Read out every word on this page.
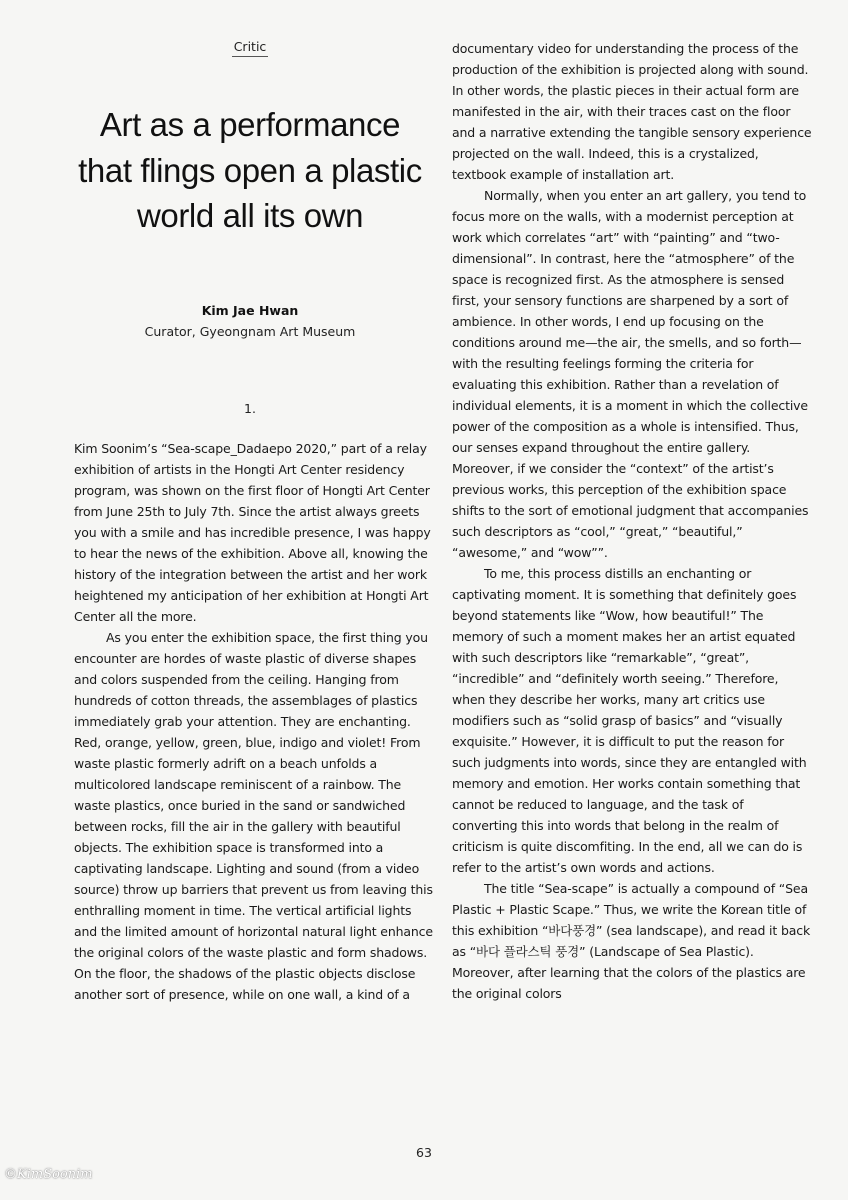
Critic
Art as a performance that flings open a plastic world all its own
Kim Jae Hwan
Curator, Gyeongnam Art Museum
1.

Kim Soonim’s “Sea-scape_Dadaepo 2020,” part of a relay exhibition of artists in the Hongti Art Center residency program, was shown on the first floor of Hongti Art Center from June 25th to July 7th. Since the artist always greets you with a smile and has incredible presence, I was happy to hear the news of the exhibition. Above all, knowing the history of the integration between the artist and her work heightened my anticipation of her exhibition at Hongti Art Center all the more.

As you enter the exhibition space, the first thing you encounter are hordes of waste plastic of diverse shapes and colors suspended from the ceiling. Hanging from hundreds of cotton threads, the assemblages of plastics immediately grab your attention. They are enchanting. Red, orange, yellow, green, blue, indigo and violet! From waste plastic formerly adrift on a beach unfolds a multicolored landscape reminiscent of a rainbow. The waste plastics, once buried in the sand or sandwiched between rocks, fill the air in the gallery with beautiful objects. The exhibition space is transformed into a captivating landscape. Lighting and sound (from a video source) throw up barriers that prevent us from leaving this enthralling moment in time. The vertical artificial lights and the limited amount of horizontal natural light enhance the original colors of the waste plastic and form shadows. On the floor, the shadows of the plastic objects disclose another sort of presence, while on one wall, a kind of a

documentary video for understanding the process of the production of the exhibition is projected along with sound. In other words, the plastic pieces in their actual form are manifested in the air, with their traces cast on the floor and a narrative extending the tangible sensory experience projected on the wall. Indeed, this is a crystalized, textbook example of installation art.

Normally, when you enter an art gallery, you tend to focus more on the walls, with a modernist perception at work which correlates “art” with “painting” and “two-dimensional”. In contrast, here the “atmosphere” of the space is recognized first. As the atmosphere is sensed first, your sensory functions are sharpened by a sort of ambience. In other words, I end up focusing on the conditions around me—the air, the smells, and so forth—with the resulting feelings forming the criteria for evaluating this exhibition. Rather than a revelation of individual elements, it is a moment in which the collective power of the composition as a whole is intensified. Thus, our senses expand throughout the entire gallery. Moreover, if we consider the “context” of the artist’s previous works, this perception of the exhibition space shifts to the sort of emotional judgment that accompanies such descriptors as “cool,” “great,” “beautiful,” “awesome,” and “wow””.

To me, this process distills an enchanting or captivating moment. It is something that definitely goes beyond statements like “Wow, how beautiful!” The memory of such a moment makes her an artist equated with such descriptors like “remarkable”, “great”, “incredible” and “definitely worth seeing.” Therefore, when they describe her works, many art critics use modifiers such as “solid grasp of basics” and “visually exquisite.” However, it is difficult to put the reason for such judgments into words, since they are entangled with memory and emotion. Her works contain something that cannot be reduced to language, and the task of converting this into words that belong in the realm of criticism is quite discomfiting. In the end, all we can do is refer to the artist’s own words and actions.

The title “Sea-scape” is actually a compound of “Sea Plastic + Plastic Scape.” Thus, we write the Korean title of this exhibition “바다풍경” (sea landscape), and read it back as “바다 플라스틱 풍경” (Landscape of Sea Plastic). Moreover, after learning that the colors of the plastics are the original colors

63
©KimSoonim
